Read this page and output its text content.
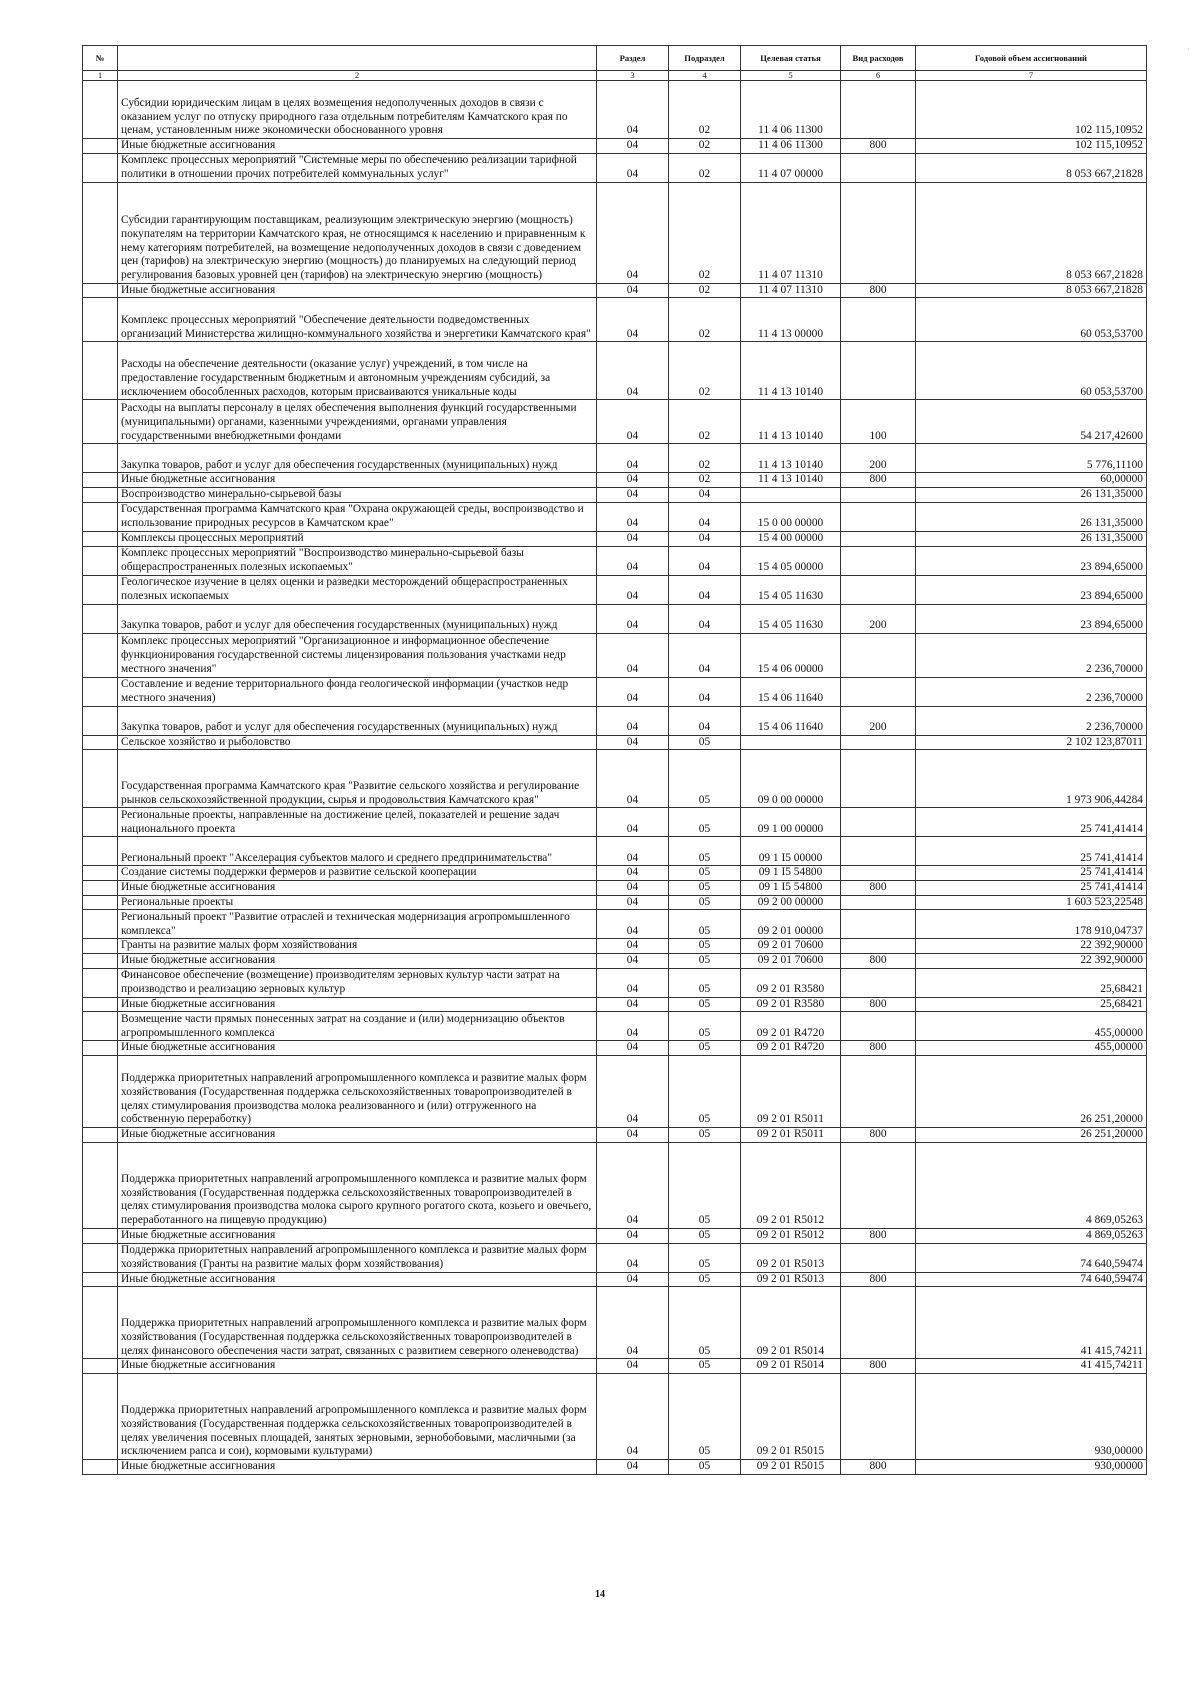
№		Раздел	Подраздел	Целевая статья	Вид расходов	Годовой объем ассигнований
1	2	3	4	5	6	7
	Субсидии юридическим лицам в целях возмещения недополученных доходов в связи с оказанием услуг по отпуску природного газа отдельным потребителям Камчатского края по ценам, установленным ниже экономически обоснованного уровня	04	02	11 4 06 11300		102 115,10952
	Иные бюджетные ассигнования	04	02	11 4 06 11300	800	102 115,10952
	Комплекс процессных мероприятий "Системные меры по обеспечению реализации тарифной политики в отношении прочих потребителей коммунальных услуг"	04	02	11 4 07 00000		8 053 667,21828
	Субсидии гарантирующим поставщикам, реализующим электрическую энергию (мощность) покупателям на территории Камчатского края, не относящимся к населению и приравненным к нему категориям потребителей, на возмещение недополученных доходов в связи с доведением цен (тарифов) на электрическую энергию (мощность) до планируемых на следующий период регулирования базовых уровней цен (тарифов) на электрическую энергию (мощность)	04	02	11 4 07 11310		8 053 667,21828
	Иные бюджетные ассигнования	04	02	11 4 07 11310	800	8 053 667,21828
	Комплекс процессных мероприятий "Обеспечение деятельности подведомственных организаций Министерства жилищно-коммунального хозяйства и энергетики Камчатского края"	04	02	11 4 13 00000		60 053,53700
	Расходы на обеспечение деятельности (оказание услуг) учреждений, в том числе на предоставление государственным бюджетным и автономным учреждениям субсидий, за исключением обособленных расходов, которым присваиваются уникальные коды	04	02	11 4 13 10140		60 053,53700
	Расходы на выплаты персоналу в целях обеспечения выполнения функций государственными (муниципальными) органами, казенными учреждениями, органами управления государственными внебюджетными фондами	04	02	11 4 13 10140	100	54 217,42600
	Закупка товаров, работ и услуг для обеспечения государственных (муниципальных) нужд	04	02	11 4 13 10140	200	5 776,11100
	Иные бюджетные ассигнования	04	02	11 4 13 10140	800	60,00000
	Воспроизводство минерально-сырьевой базы	04	04			26 131,35000
	Государственная программа Камчатского края "Охрана окружающей среды, воспроизводство и использование природных ресурсов в Камчатском крае"	04	04	15 0 00 00000		26 131,35000
	Комплексы процессных мероприятий	04	04	15 4 00 00000		26 131,35000
	Комплекс процессных мероприятий "Воспроизводство минерально-сырьевой базы общераспространенных полезных ископаемых"	04	04	15 4 05 00000		23 894,65000
	Геологическое изучение в целях оценки и разведки месторождений общераспространенных полезных ископаемых	04	04	15 4 05 11630		23 894,65000
	Закупка товаров, работ и услуг для обеспечения государственных (муниципальных) нужд	04	04	15 4 05 11630	200	23 894,65000
	Комплекс процессных мероприятий "Организационное и информационное обеспечение функционирования государственной системы лицензирования пользования участками недр местного значения"	04	04	15 4 06 00000		2 236,70000
	Составление и ведение территориального фонда геологической информации (участков недр местного значения)	04	04	15 4 06 11640		2 236,70000
	Закупка товаров, работ и услуг для обеспечения государственных (муниципальных) нужд	04	04	15 4 06 11640	200	2 236,70000
	Сельское хозяйство и рыболовство	04	05			2 102 123,87011
	Государственная программа Камчатского края "Развитие сельского хозяйства и регулирование рынков сельскохозяйственной продукции, сырья и продовольствия Камчатского края"	04	05	09 0 00 00000		1 973 906,44284
	Региональные проекты, направленные на достижение целей, показателей и решение задач национального проекта	04	05	09 1 00 00000		25 741,41414
	Региональный проект "Акселерация субъектов малого и среднего предпринимательства"	04	05	09 1 I5 00000		25 741,41414
	Создание системы поддержки фермеров и развитие сельской кооперации	04	05	09 1 I5 54800		25 741,41414
	Иные бюджетные ассигнования	04	05	09 1 I5 54800	800	25 741,41414
	Региональные проекты	04	05	09 2 00 00000		1 603 523,22548
	Региональный проект "Развитие отраслей и техническая модернизация агропромышленного комплекса"	04	05	09 2 01 00000		178 910,04737
	Гранты на развитие малых форм хозяйствования	04	05	09 2 01 70600		22 392,90000
	Иные бюджетные ассигнования	04	05	09 2 01 70600	800	22 392,90000
	Финансовое обеспечение (возмещение) производителям зерновых культур части затрат на производство и реализацию зерновых культур	04	05	09 2 01 R3580		25,68421
	Иные бюджетные ассигнования	04	05	09 2 01 R3580	800	25,68421
	Возмещение части прямых понесенных затрат на создание и (или) модернизацию объектов агропромышленного комплекса	04	05	09 2 01 R4720		455,00000
	Иные бюджетные ассигнования	04	05	09 2 01 R4720	800	455,00000
	Поддержка приоритетных направлений агропромышленного комплекса и развитие малых форм хозяйствования (Государственная поддержка сельскохозяйственных товаропроизводителей в целях стимулирования производства молока реализованного и (или) отгруженного на собственную переработку)	04	05	09 2 01 R5011		26 251,20000
	Иные бюджетные ассигнования	04	05	09 2 01 R5011	800	26 251,20000
	Поддержка приоритетных направлений агропромышленного комплекса и развитие малых форм хозяйствования (Государственная поддержка сельскохозяйственных товаропроизводителей в целях стимулирования производства молока сырого крупного рогатого скота, козьего и овечьего, переработанного на пищевую продукцию)	04	05	09 2 01 R5012		4 869,05263
	Иные бюджетные ассигнования	04	05	09 2 01 R5012	800	4 869,05263
	Поддержка приоритетных направлений агропромышленного комплекса и развитие малых форм хозяйствования (Гранты на развитие малых форм хозяйствования)	04	05	09 2 01 R5013		74 640,59474
	Иные бюджетные ассигнования	04	05	09 2 01 R5013	800	74 640,59474
	Поддержка приоритетных направлений агропромышленного комплекса и развитие малых форм хозяйствования (Государственная поддержка сельскохозяйственных товаропроизводителей в целях финансового обеспечения части затрат, связанных с развитием северного оленеводства)	04	05	09 2 01 R5014		41 415,74211
	Иные бюджетные ассигнования	04	05	09 2 01 R5014	800	41 415,74211
	Поддержка приоритетных направлений агропромышленного комплекса и развитие малых форм хозяйствования (Государственная поддержка сельскохозяйственных товаропроизводителей в целях увеличения посевных площадей, занятых зерновыми, зернобобовыми, масличными (за исключением рапса и сои), кормовыми культурами)	04	05	09 2 01 R5015		930,00000
	Иные бюджетные ассигнования	04	05	09 2 01 R5015	800	930,00000
14
‧
